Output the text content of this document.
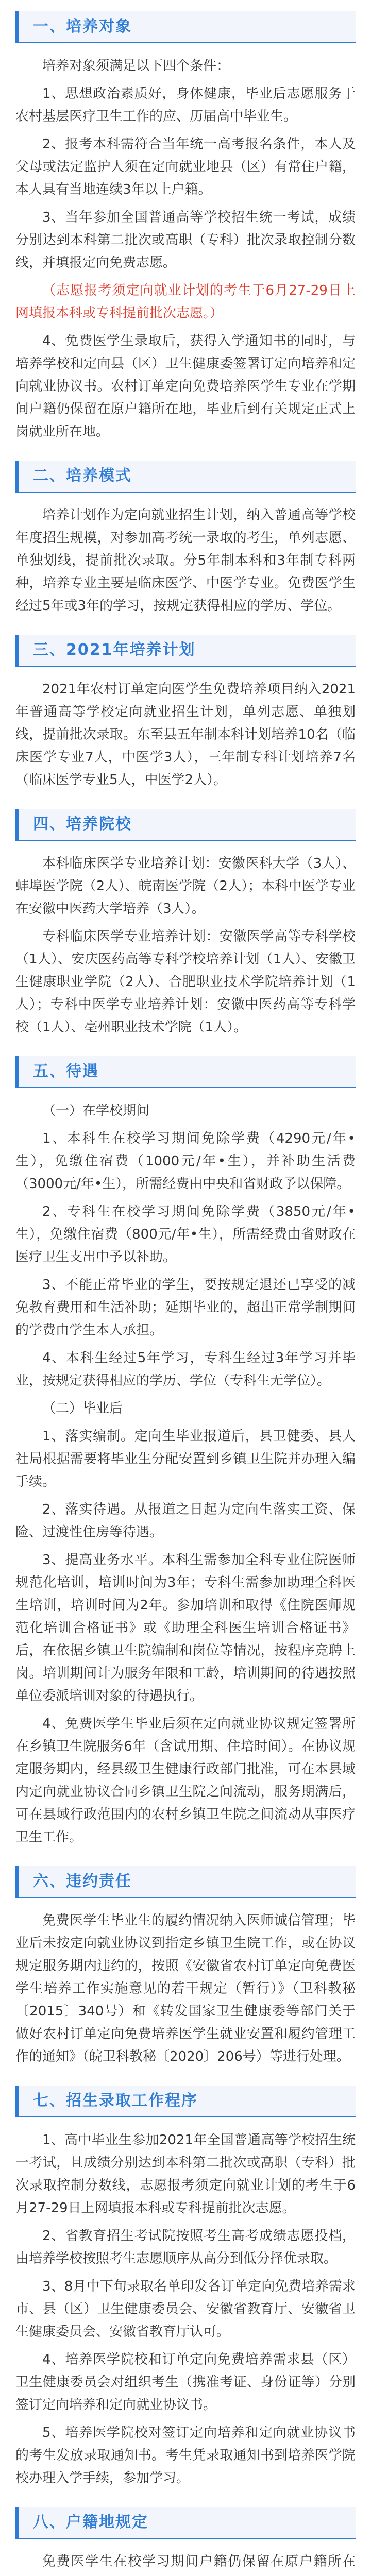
一、培养对象

培养对象须满足以下四个条件：

1、思想政治素质好，身体健康，毕业后志愿服务于农村基层医疗卫生工作的应、历届高中毕业生。

2、报考本科需符合当年统一高考报名条件，本人及父母或法定监护人须在定向就业地县（区）有常住户籍，本人具有当地连续3年以上户籍。

3、当年参加全国普通高等学校招生统一考试，成绩分别达到本科第二批次或高职（专科）批次录取控制分数线，并填报定向免费志愿。

（志愿报考须定向就业计划的考生于6月27-29日上网填报本科或专科提前批次志愿。）

4、免费医学生录取后，获得入学通知书的同时，与培养学校和定向县（区）卫生健康委签署订定向培养和定向就业协议书。农村订单定向免费培养医学生专业在学期间户籍仍保留在原户籍所在地，毕业后到有关规定正式上岗就业所在地。

二、培养模式

培养计划作为定向就业招生计划，纳入普通高等学校年度招生规模，对参加高考统一录取的考生，单列志愿、单独划线，提前批次录取。分5年制本科和3年制专科两种，培养专业主要是临床医学、中医学专业。免费医学生经过5年或3年的学习，按规定获得相应的学历、学位。

三、2021年培养计划

2021年农村订单定向医学生免费培养项目纳入2021年普通高等学校定向就业招生计划，单列志愿、单独划线，提前批次录取。东至县五年制本科计划培养10名（临床医学专业7人，中医学3人），三年制专科计划培养7名（临床医学专业5人，中医学2人）。

四、培养院校

本科临床医学专业培养计划：安徽医科大学（3人）、蚌埠医学院（2人）、皖南医学院（2人）；本科中医学专业在安徽中医药大学培养（3人）。

专科临床医学专业培养计划：安徽医学高等专科学校（1人）、安庆医药高等专科学校培养计划（1人）、安徽卫生健康职业学院（2人）、合肥职业技术学院培养计划（1人）；专科中医学专业培养计划：安徽中医药高等专科学校（1人）、亳州职业技术学院（1人）。

五、待遇

（一）在学校期间

1、本科生在校学习期间免除学费（4290元/年•生），免缴住宿费（1000元/年•生），并补助生活费（3000元/年•生），所需经费由中央和省财政予以保障。

2、专科生在校学习期间免除学费（3850元/年•生），免缴住宿费（800元/年•生），所需经费由省财政在医疗卫生支出中予以补助。

3、不能正常毕业的学生，要按规定退还已享受的减免教育费用和生活补助；延期毕业的，超出正常学制期间的学费由学生本人承担。

4、本科生经过5年学习，专科生经过3年学习并毕业，按规定获得相应的学历、学位（专科生无学位）。

（二）毕业后

1、落实编制。定向生毕业报道后，县卫健委、县人社局根据需要将毕业生分配安置到乡镇卫生院并办理入编手续。

2、落实待遇。从报道之日起为定向生落实工资、保险、过渡性住房等待遇。

3、提高业务水平。本科生需参加全科专业住院医师规范化培训，培训时间为3年；专科生需参加助理全科医生培训，培训时间为2年。参加培训和取得《住院医师规范化培训合格证书》或《助理全科医生培训合格证书》后，在依据乡镇卫生院编制和岗位等情况，按程序竞聘上岗。培训期间计为服务年限和工龄，培训期间的待遇按照单位委派培训对象的待遇执行。

4、免费医学生毕业后须在定向就业协议规定签署所在乡镇卫生院服务6年（含试用期、住培时间）。在协议规定服务期内，经县级卫生健康行政部门批准，可在本县域内定向就业协议合同乡镇卫生院之间流动，服务期满后，可在县域行政范围内的农村乡镇卫生院之间流动从事医疗卫生工作。

六、违约责任

免费医学生毕业生的履约情况纳入医师诚信管理；毕业后未按定向就业协议到指定乡镇卫生院工作，或在协议规定服务期内违约的，按照《安徽省农村订单定向免费医学生培养工作实施意见的若干规定（暂行）》（卫科教秘〔2015〕340号）和《转发国家卫生健康委等部门关于做好农村订单定向免费培养医学生就业安置和履约管理工作的通知》（皖卫科教秘〔2020〕206号）等进行处理。

七、招生录取工作程序

1、高中毕业生参加2021年全国普通高等学校招生统一考试，且成绩分别达到本科第二批次或高职（专科）批次录取控制分数线，志愿报考须定向就业计划的考生于6月27-29日上网填报本科或专科提前批次志愿。

2、省教育招生考试院按照考生高考成绩志愿投档，由培养学校按照考生志愿顺序从高分到低分择优录取。

3、8月中下旬录取名单印发各订单定向免费培养需求市、县（区）卫生健康委员会、安徽省教育厅、安徽省卫生健康委员会、安徽省教育厅认可。

4、培养医学院校和订单定向免费培养需求县（区）卫生健康委员会对组织考生（携准考证、身份证等）分别签订定向培养和定向就业协议书。

5、培养医学院校对签订定向培养和定向就业协议书的考生发放录取通知书。考生凭录取通知书到培养医学院校办理入学手续，参加学习。

八、户籍地规定

免费医学生在校学习期间户籍仍保留在原户籍所在
